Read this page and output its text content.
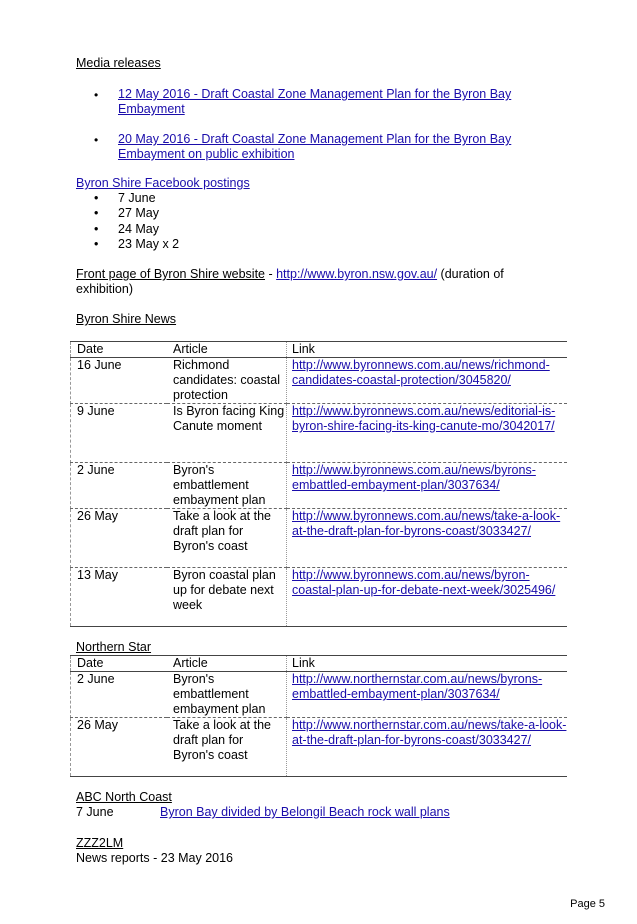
Media releases
• 12 May 2016 - Draft Coastal Zone Management Plan for the Byron Bay Embayment
• 20 May 2016 - Draft Coastal Zone Management Plan for the Byron Bay Embayment on public exhibition
Byron Shire Facebook postings
• 7 June
• 27 May
• 24 May
• 23 May x 2
Front page of Byron Shire website - http://www.byron.nsw.gov.au/ (duration of exhibition)
Byron Shire News
Date	Article	Link
16 June	Richmond candidates: coastal protection	http://www.byronnews.com.au/news/richmond-candidates-coastal-protection/3045820/
9 June	Is Byron facing King Canute moment	http://www.byronnews.com.au/news/editorial-is-byron-shire-facing-its-king-canute-mo/3042017/
2 June	Byron's embattlement embayment plan	http://www.byronnews.com.au/news/byrons-embattled-embayment-plan/3037634/
26 May	Take a look at the draft plan for Byron's coast	http://www.byronnews.com.au/news/take-a-look-at-the-draft-plan-for-byrons-coast/3033427/
13 May	Byron coastal plan up for debate next week	http://www.byronnews.com.au/news/byron-coastal-plan-up-for-debate-next-week/3025496/
Northern Star
Date	Article	Link
2 June	Byron's embattlement embayment plan	http://www.northernstar.com.au/news/byrons-embattled-embayment-plan/3037634/
26 May	Take a look at the draft plan for Byron's coast	http://www.northernstar.com.au/news/take-a-look-at-the-draft-plan-for-byrons-coast/3033427/
ABC North Coast
7 June	Byron Bay divided by Belongil Beach rock wall plans
ZZZ2LM
News reports - 23 May 2016
Page 5
